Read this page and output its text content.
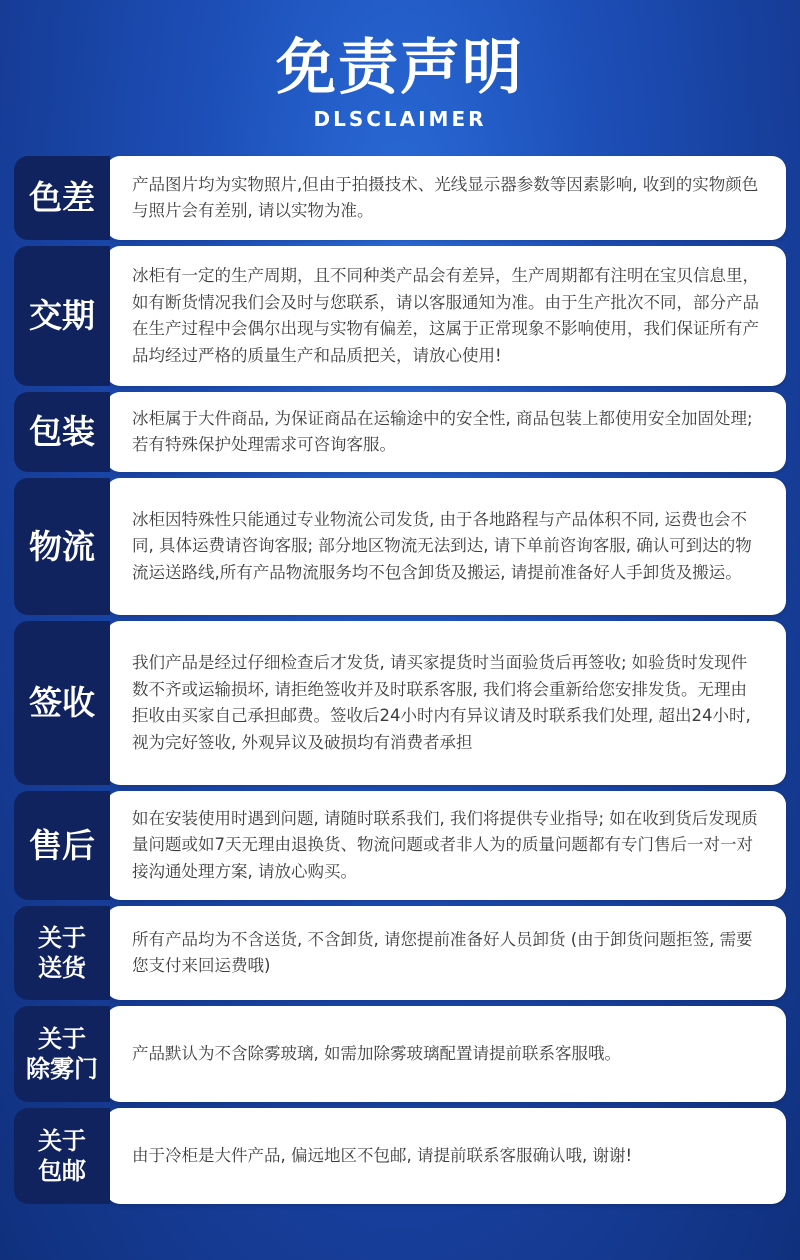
免责声明
DLSCLAIMER

产品图片均为实物照片,但由于拍摄技术、光线显示器参数等因素影响, 收到的实物颜色与照片会有差别, 请以实物为准。

色差

冰柜有一定的生产周期，且不同种类产品会有差异，生产周期都有注明在宝贝信息里，如有断货情况我们会及时与您联系，请以客服通知为准。由于生产批次不同，部分产品在生产过程中会偶尔出现与实物有偏差，这属于正常现象不影响使用，我们保证所有产品均经过严格的质量生产和品质把关，请放心使用!

交期

冰柜属于大件商品, 为保证商品在运输途中的安全性, 商品包装上都使用安全加固处理; 若有特殊保护处理需求可咨询客服。

包装

冰柜因特殊性只能通过专业物流公司发货, 由于各地路程与产品体积不同, 运费也会不同, 具体运费请咨询客服; 部分地区物流无法到达, 请下单前咨询客服, 确认可到达的物流运送路线,所有产品物流服务均不包含卸货及搬运, 请提前准备好人手卸货及搬运。

物流

我们产品是经过仔细检查后才发货, 请买家提货时当面验货后再签收; 如验货时发现件数不齐或运输损坏, 请拒绝签收并及时联系客服, 我们将会重新给您安排发货。无理由拒收由买家自己承担邮费。签收后24小时内有异议请及时联系我们处理, 超出24小时, 视为完好签收, 外观异议及破损均有消费者承担

签收

如在安装使用时遇到问题, 请随时联系我们, 我们将提供专业指导; 如在收到货后发现质量问题或如7天无理由退换货、物流问题或者非人为的质量问题都有专门售后一对一对接沟通处理方案, 请放心购买。

售后

所有产品均为不含送货, 不含卸货, 请您提前准备好人员卸货 (由于卸货问题拒签, 需要您支付来回运费哦)

关于
送货

产品默认为不含除雾玻璃, 如需加除雾玻璃配置请提前联系客服哦。

关于
除雾门

由于冷柜是大件产品, 偏远地区不包邮, 请提前联系客服确认哦, 谢谢!

关于
包邮
